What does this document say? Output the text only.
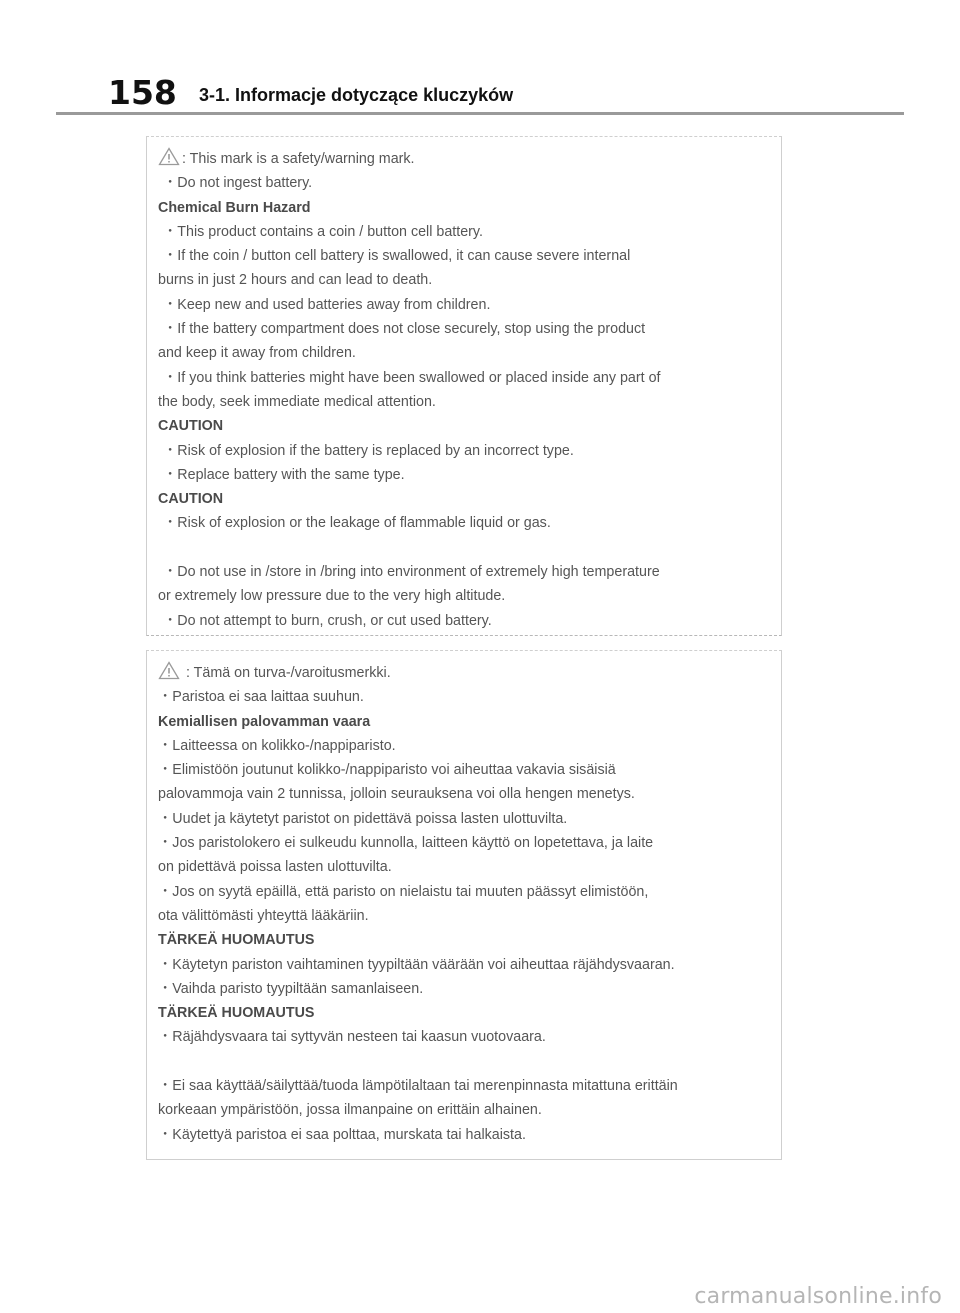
158 3-1. Informacje dotyczące kluczyków
: This mark is a safety/warning mark.
・Do not ingest battery.
Chemical Burn Hazard
・This product contains a coin / button cell battery.
・If the coin / button cell battery is swallowed, it can cause severe internal
burns in just 2 hours and can lead to death.
・Keep new and used batteries away from children.
・If the battery compartment does not close securely, stop using the product
and keep it away from children.
・If you think batteries might have been swallowed or placed inside any part of
the body, seek immediate medical attention.
CAUTION
・Risk of explosion if the battery is replaced by an incorrect type.
・Replace battery with the same type.
CAUTION
・Risk of explosion or the leakage of flammable liquid or gas.
・Do not use in /store in /bring into environment of extremely high temperature
or extremely low pressure due to the very high altitude.
・Do not attempt to burn, crush, or cut used battery.
: Tämä on turva-/varoitusmerkki.
・Paristoa ei saa laittaa suuhun.
Kemiallisen palovamman vaara
・Laitteessa on kolikko-/nappiparisto.
・Elimistöön joutunut kolikko-/nappiparisto voi aiheuttaa vakavia sisäisiä
palovammoja vain 2 tunnissa, jolloin seurauksena voi olla hengen menetys.
・Uudet ja käytetyt paristot on pidettävä poissa lasten ulottuvilta.
・Jos paristolokero ei sulkeudu kunnolla, laitteen käyttö on lopetettava, ja laite
on pidettävä poissa lasten ulottuvilta.
・Jos on syytä epäillä, että paristo on nielaistu tai muuten päässyt elimistöön,
ota välittömästi yhteyttä lääkäriin.
TÄRKEÄ HUOMAUTUS
・Käytetyn pariston vaihtaminen tyypiltään väärään voi aiheuttaa räjähdysvaaran.
・Vaihda paristo tyypiltään samanlaiseen.
TÄRKEÄ HUOMAUTUS
・Räjähdysvaara tai syttyvän nesteen tai kaasun vuotovaara.
・Ei saa käyttää/säilyttää/tuoda lämpötilaltaan tai merenpinnasta mitattuna erittäin
korkeaan ympäristöön, jossa ilmanpaine on erittäin alhainen.
・Käytettyä paristoa ei saa polttaa, murskata tai halkaista.
carmanualsonline.info
